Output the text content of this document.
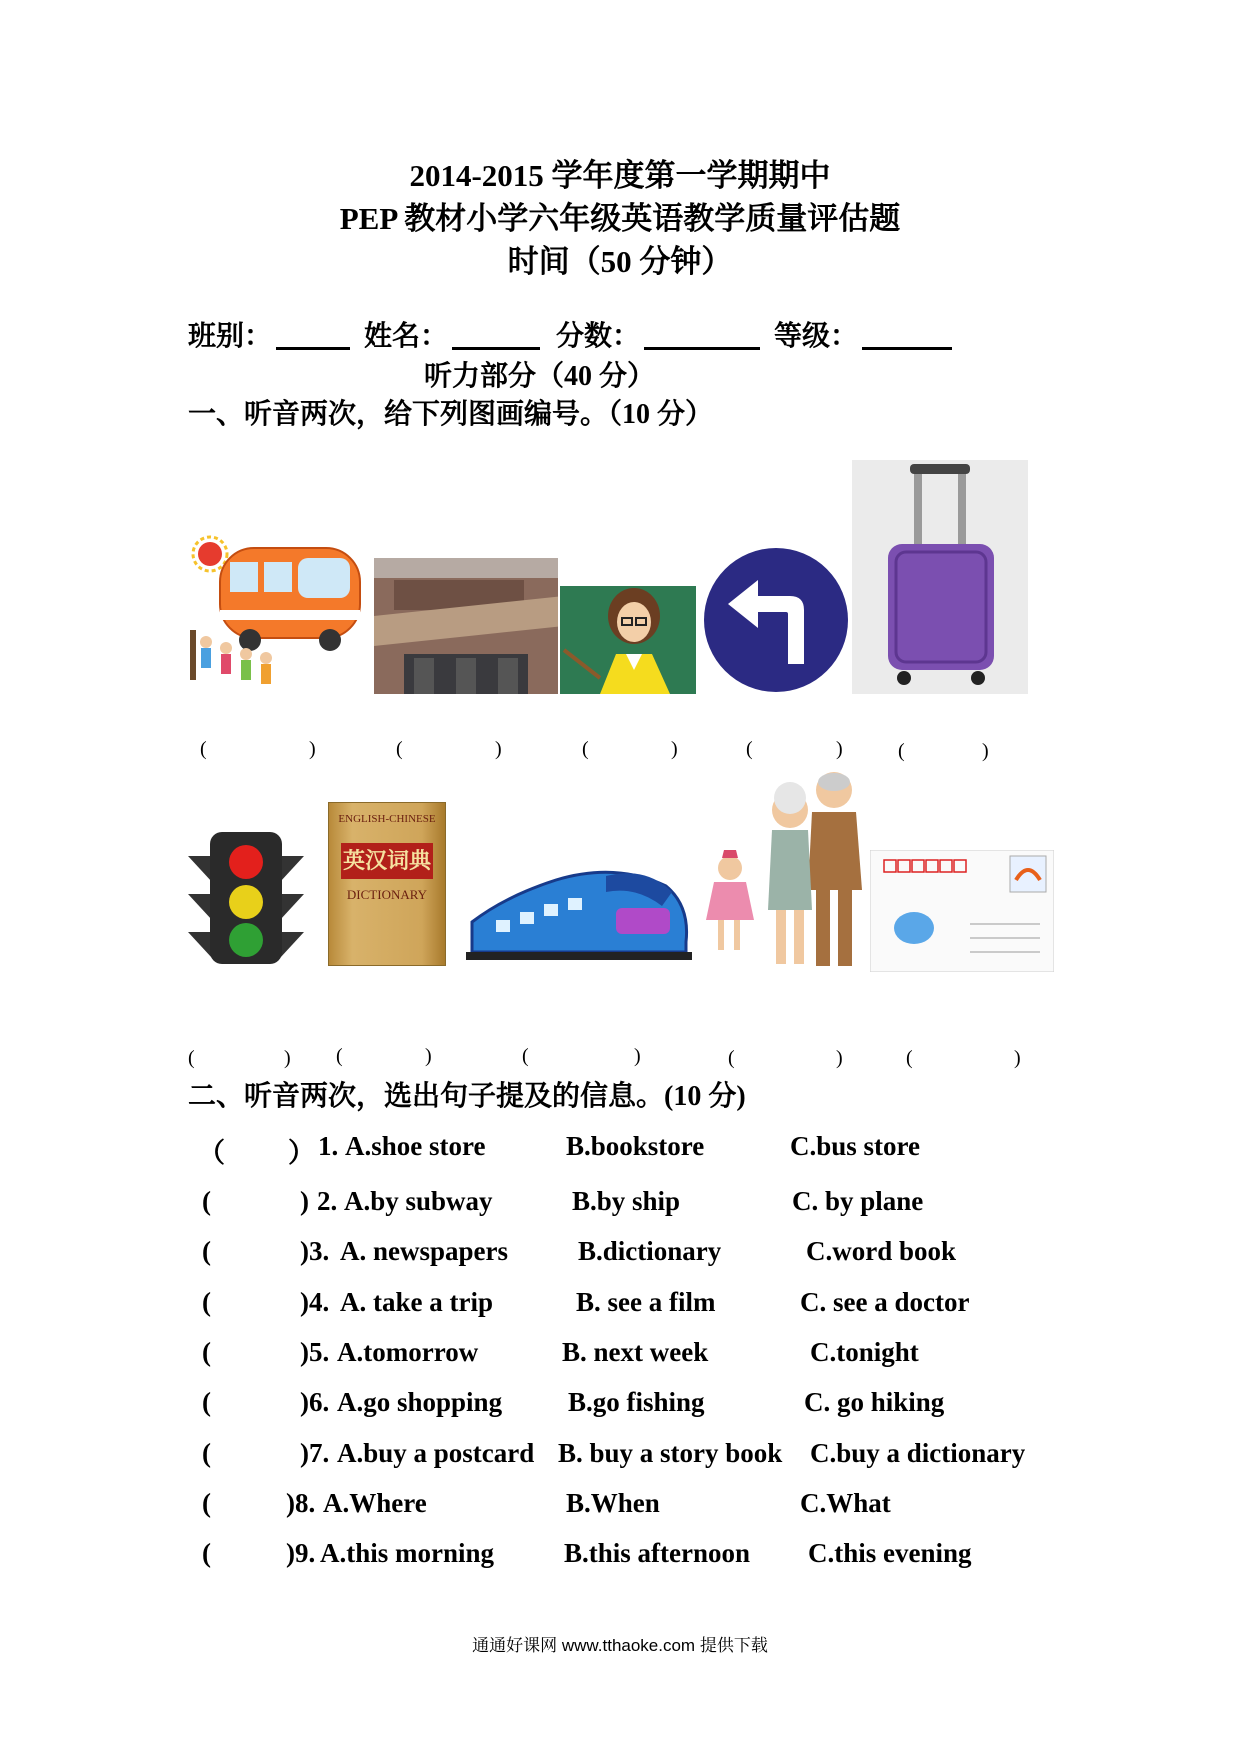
2014-2015 学年度第一学期期中
PEP 教材小学六年级英语教学质量评估题
时间（50 分钟）
班别：	姓名：	分数：	等级：
听力部分（40 分）
一、听音两次，给下列图画编号。（10 分）
(	)	(	)	(	)	(	)	(	)
ENGLISH-CHINESE
英汉词典
DICTIONARY
(	) (	)	(	)	(	)	(	)
二、听音两次，选出句子提及的信息。(10 分)
（ ） 1. A.shoe store	B.bookstore	C.bus store
(	) 2. A.by subway	B.by ship	C. by plane
(	) 3. A. newspapers	B.dictionary	C.word book
(	) 4. A. take a trip	B. see a film	C. see a doctor
(	) 5. A.tomorrow	B. next week	C.tonight
(	) 6. A.go shopping B.go fishing	C. go hiking
(	) 7. A.buy a postcard B. buy a story book C.buy a dictionary
(	) 8. A.Where	B.When	C.What
(	) 9. A.this morning	B.this afternoon C.this evening
通通好课网 www.tthaoke.com 提供下载
